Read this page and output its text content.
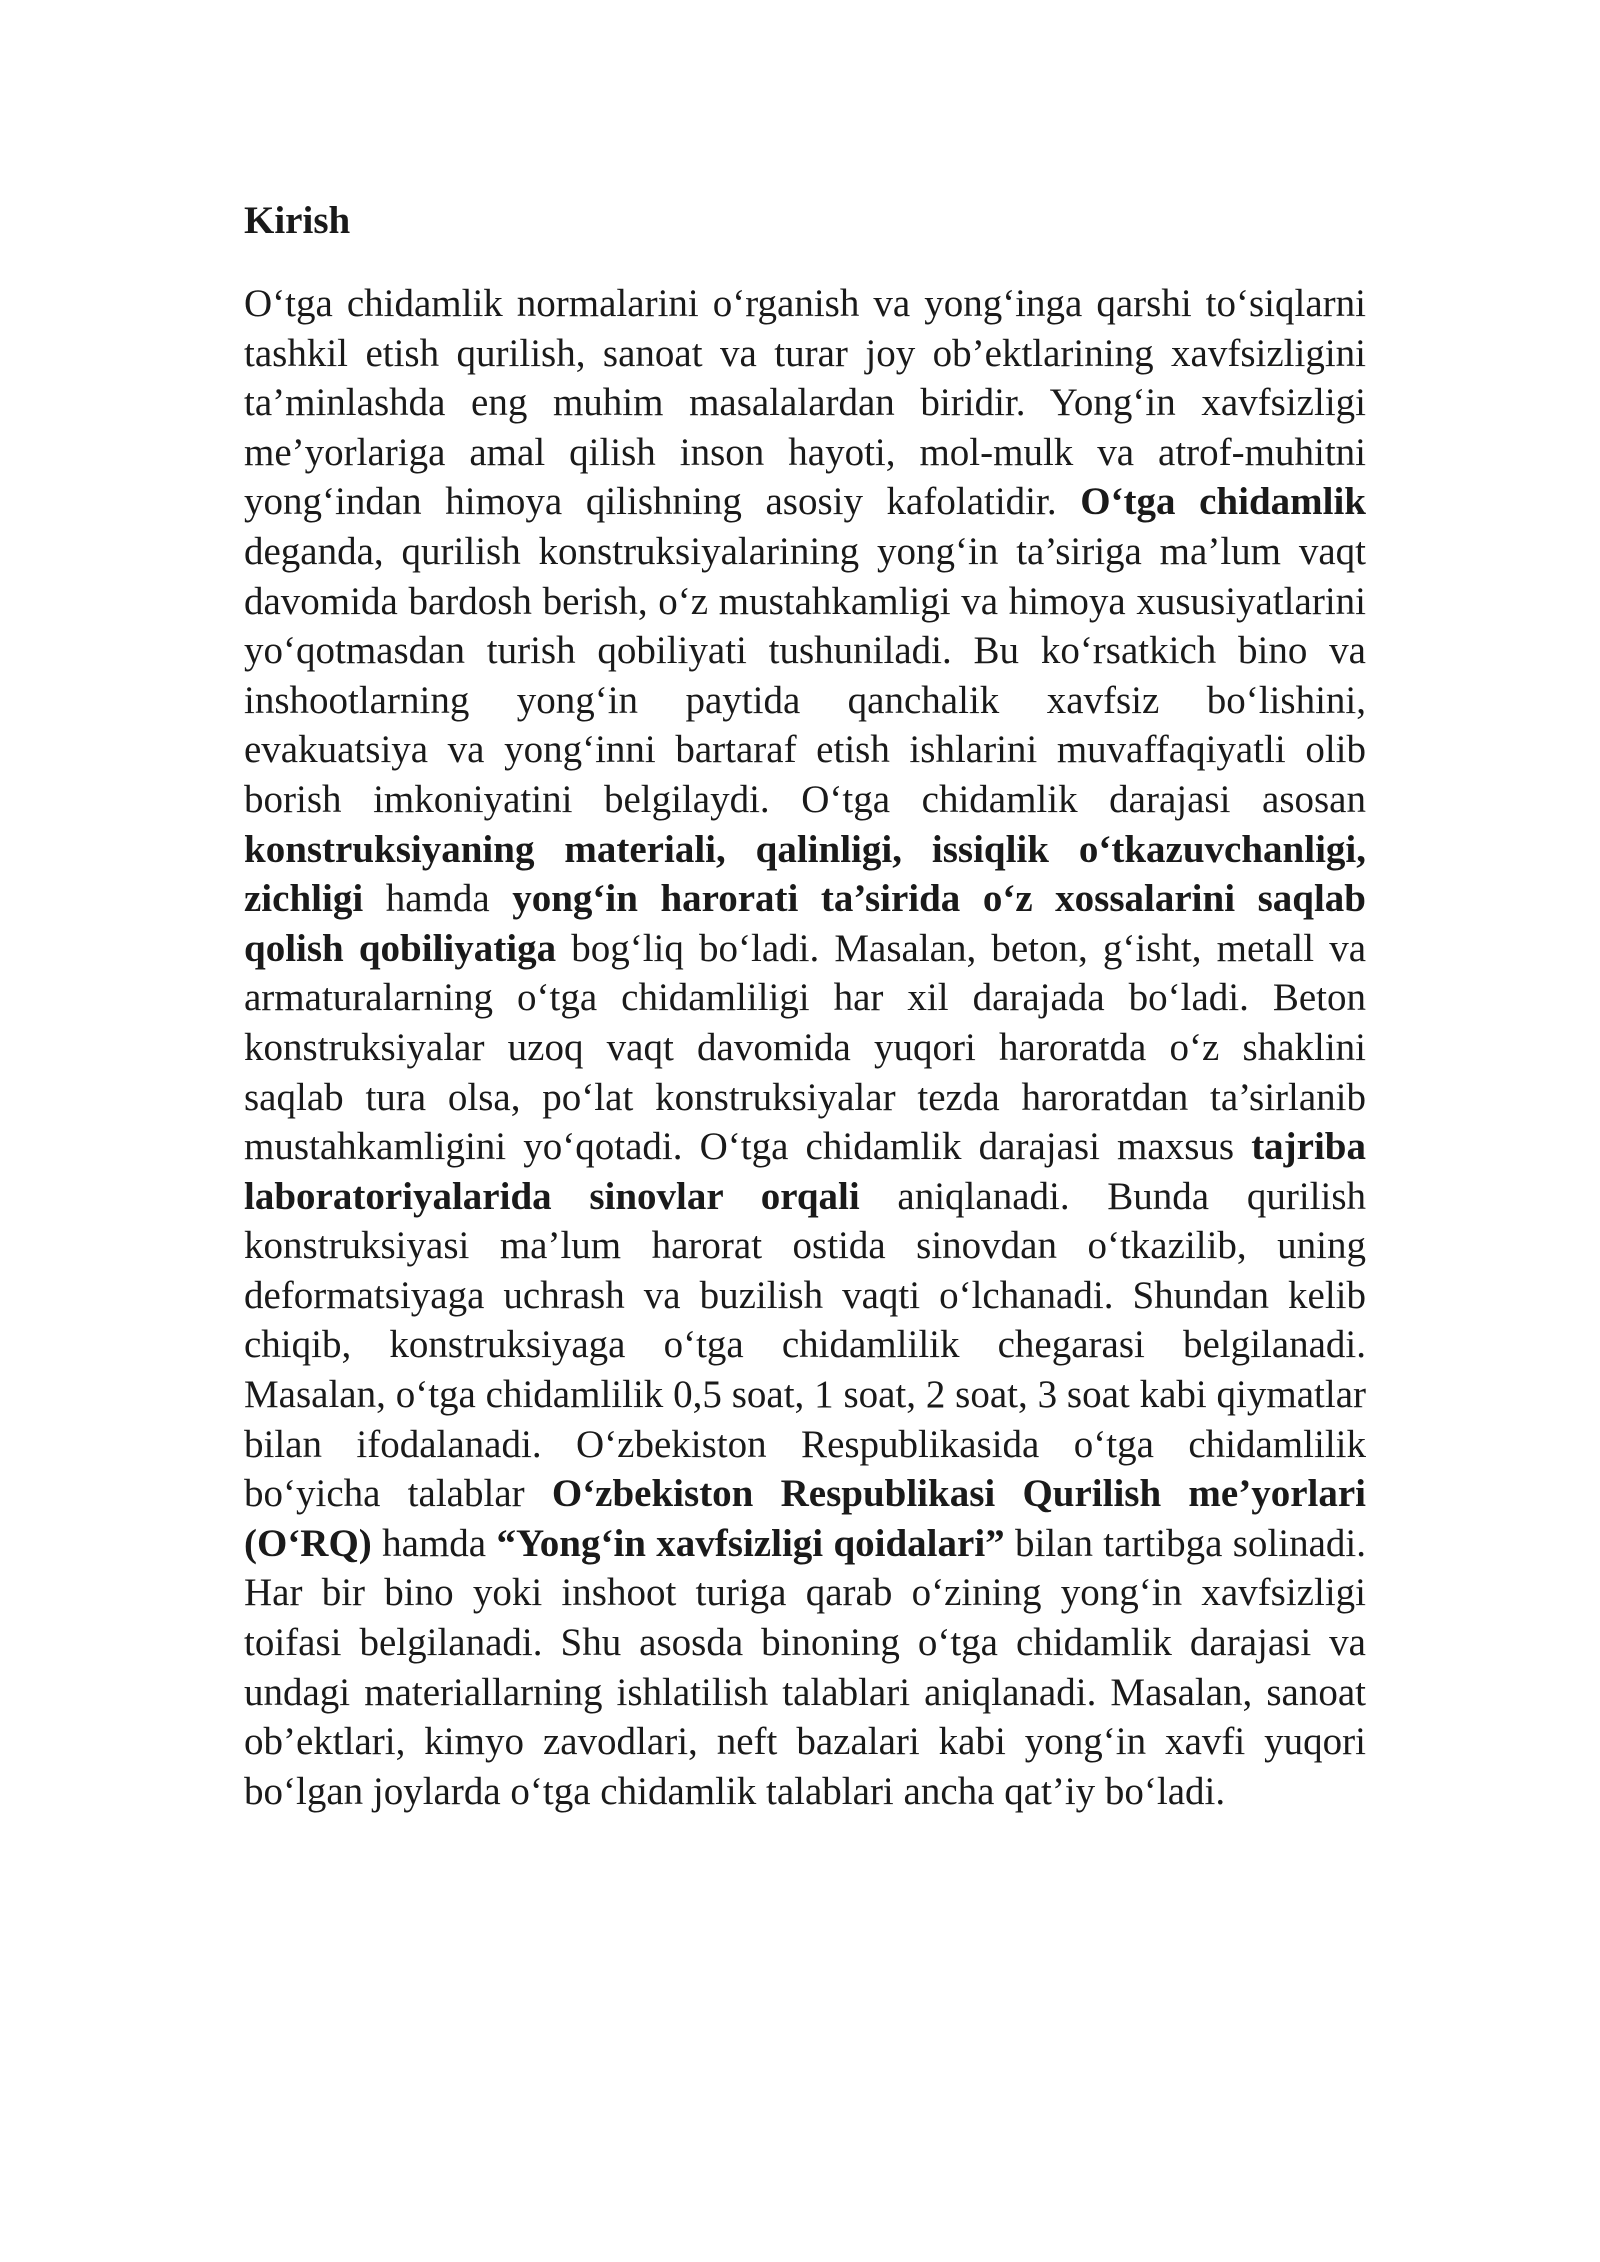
Kirish

O‘tga chidamlik normalarini o‘rganish va yong‘inga qarshi to‘siqlarni tashkil etish qurilish, sanoat va turar joy ob’ektlarining xavfsizligini ta’minlashda eng muhim masalalardan biridir. Yong‘in xavfsizligi me’yorlariga amal qilish inson hayoti, mol-mulk va atrof-muhitni yong‘indan himoya qilishning asosiy kafolatidir. O‘tga chidamlik deganda, qurilish konstruksiyalarining yong‘in ta’siriga ma’lum vaqt davomida bardosh berish, o‘z mustahkamligi va himoya xususiyatlarini yo‘qotmasdan turish qobiliyati tushuniladi. Bu ko‘rsatkich bino va inshootlarning yong‘in paytida qanchalik xavfsiz bo‘lishini, evakuatsiya va yong‘inni bartaraf etish ishlarini muvaffaqiyatli olib borish imkoniyatini belgilaydi. O‘tga chidamlik darajasi asosan konstruksiyaning materiali, qalinligi, issiqlik o‘tkazuvchanligi, zichligi hamda yong‘in harorati ta’sirida o‘z xossalarini saqlab qolish qobiliyatiga bog‘liq bo‘ladi. Masalan, beton, g‘isht, metall va armaturalarning o‘tga chidamliligi har xil darajada bo‘ladi. Beton konstruksiyalar uzoq vaqt davomida yuqori haroratda o‘z shaklini saqlab tura olsa, po‘lat konstruksiyalar tezda haroratdan ta’sirlanib mustahkamligini yo‘qotadi. O‘tga chidamlik darajasi maxsus tajriba laboratoriyalarida sinovlar orqali aniqlanadi. Bunda qurilish konstruksiyasi ma’lum harorat ostida sinovdan o‘tkazilib, uning deformatsiyaga uchrash va buzilish vaqti o‘lchanadi. Shundan kelib chiqib, konstruksiyaga o‘tga chidamlilik chegarasi belgilanadi. Masalan, o‘tga chidamlilik 0,5 soat, 1 soat, 2 soat, 3 soat kabi qiymatlar bilan ifodalanadi. O‘zbekiston Respublikasida o‘tga chidamlilik bo‘yicha talablar O‘zbekiston Respublikasi Qurilish me’yorlari (O‘RQ) hamda “Yong‘in xavfsizligi qoidalari” bilan tartibga solinadi. Har bir bino yoki inshoot turiga qarab o‘zining yong‘in xavfsizligi toifasi belgilanadi. Shu asosda binoning o‘tga chidamlik darajasi va undagi materiallarning ishlatilish talablari aniqlanadi. Masalan, sanoat ob’ektlari, kimyo zavodlari, neft bazalari kabi yong‘in xavfi yuqori bo‘lgan joylarda o‘tga chidamlik talablari ancha qat’iy bo‘ladi.
